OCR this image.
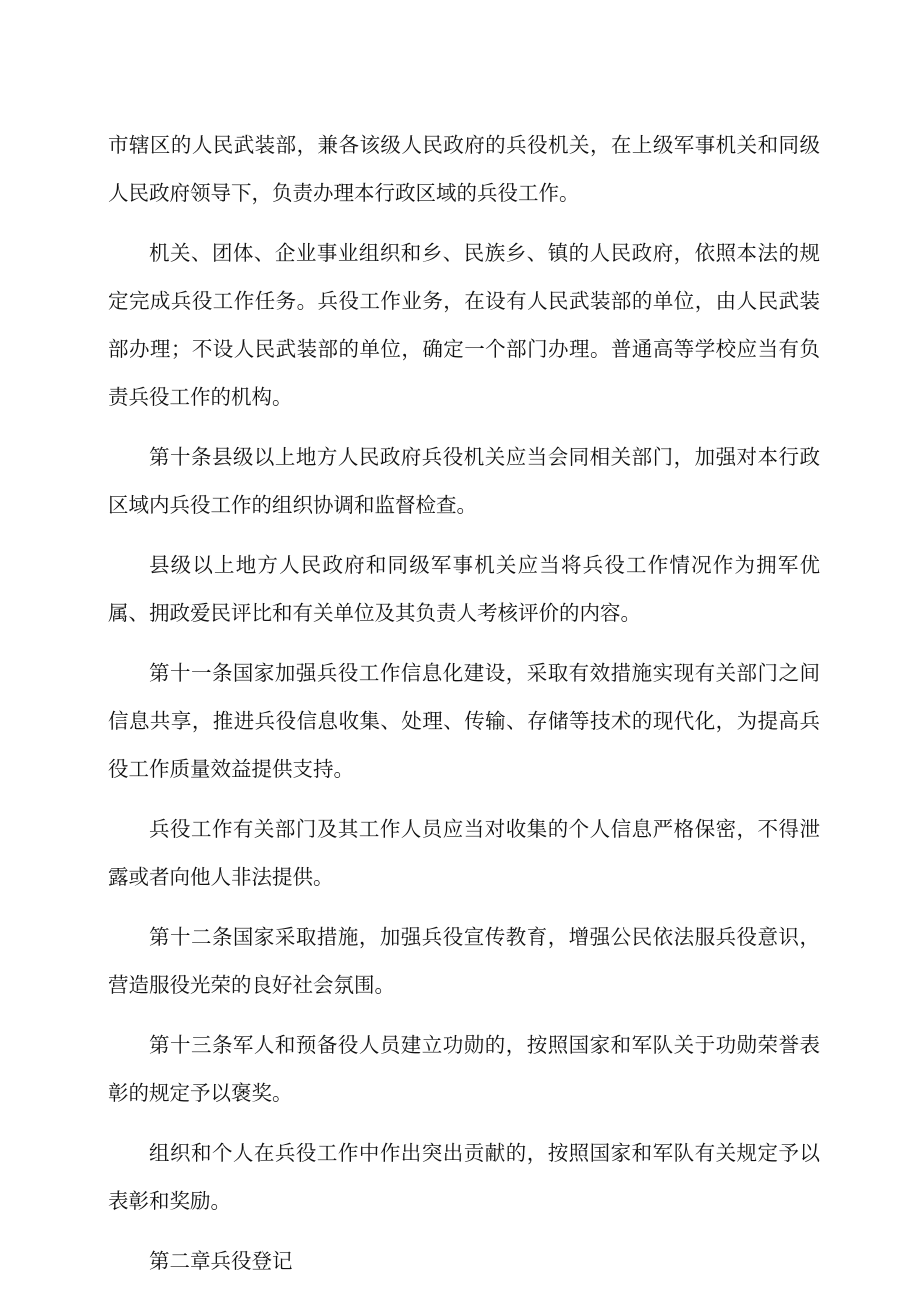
市辖区的人民武装部，兼各该级人民政府的兵役机关，在上级军事机关和同级人民政府领导下，负责办理本行政区域的兵役工作。

机关、团体、企业事业组织和乡、民族乡、镇的人民政府，依照本法的规定完成兵役工作任务。兵役工作业务，在设有人民武装部的单位，由人民武装部办理；不设人民武装部的单位，确定一个部门办理。普通高等学校应当有负责兵役工作的机构。

第十条县级以上地方人民政府兵役机关应当会同相关部门，加强对本行政区域内兵役工作的组织协调和监督检查。

县级以上地方人民政府和同级军事机关应当将兵役工作情况作为拥军优属、拥政爱民评比和有关单位及其负责人考核评价的内容。

第十一条国家加强兵役工作信息化建设，采取有效措施实现有关部门之间信息共享，推进兵役信息收集、处理、传输、存储等技术的现代化，为提高兵役工作质量效益提供支持。

兵役工作有关部门及其工作人员应当对收集的个人信息严格保密，不得泄露或者向他人非法提供。

第十二条国家采取措施，加强兵役宣传教育，增强公民依法服兵役意识，营造服役光荣的良好社会氛围。

第十三条军人和预备役人员建立功勋的，按照国家和军队关于功勋荣誉表彰的规定予以褒奖。

组织和个人在兵役工作中作出突出贡献的，按照国家和军队有关规定予以表彰和奖励。

第二章兵役登记
